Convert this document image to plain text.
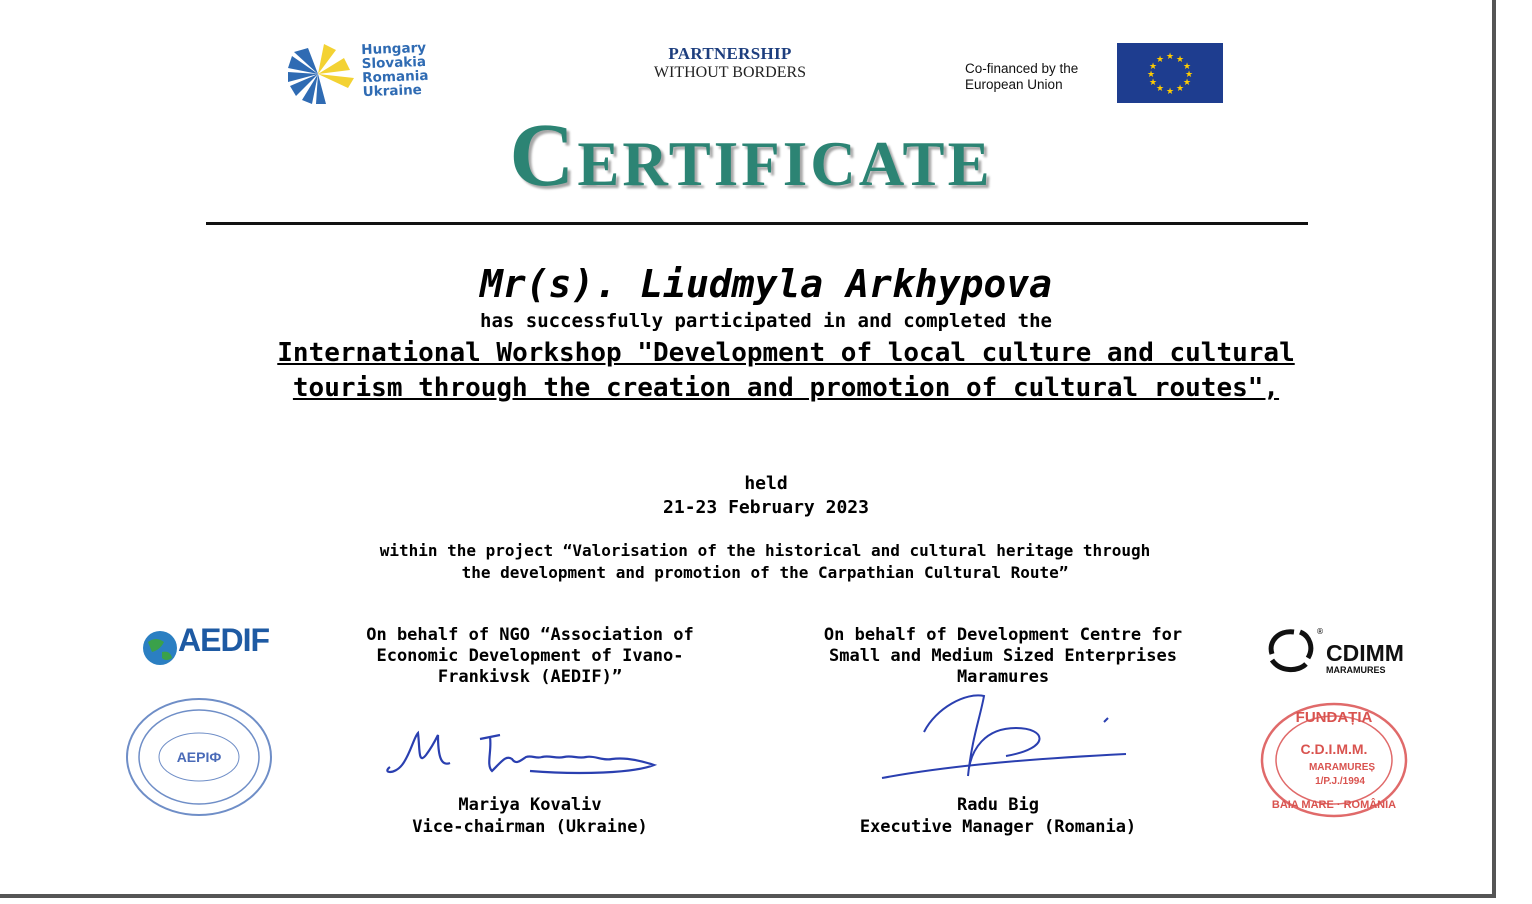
Hungary
Slovakia
Romania
Ukraine
PARTNERSHIP
WITHOUT BORDERS	Co-financed by the
European Union
★ ★
★
★
★
★
★
★
★
★
★
★
Certificate
Mr(s). Liudmyla Arkhypova
has successfully participated in and completed the
International Workshop "Development of local culture and cultural tourism through the creation and promotion of cultural routes",
held
21-23 February 2023
within the project “Valorisation of the historical and cultural heritage through
the development and promotion of the Carpathian Cultural Route”
AEDIF
АЕРІФ
On behalf of NGO “Association of
Economic Development of Ivano-
Frankivsk (AEDIF)”
Mariya Kovaliv
Vice-chairman (Ukraine)
On behalf of Development Centre for
Small and Medium Sized Enterprises
Maramures
Radu Big
Executive Manager (Romania)
®
CDIMM
MARAMURES
FUNDAȚIA
C.D.I.M.M.
MARAMUREȘ
1/P.J./1994
BAIA MARE · ROMÂNIA
